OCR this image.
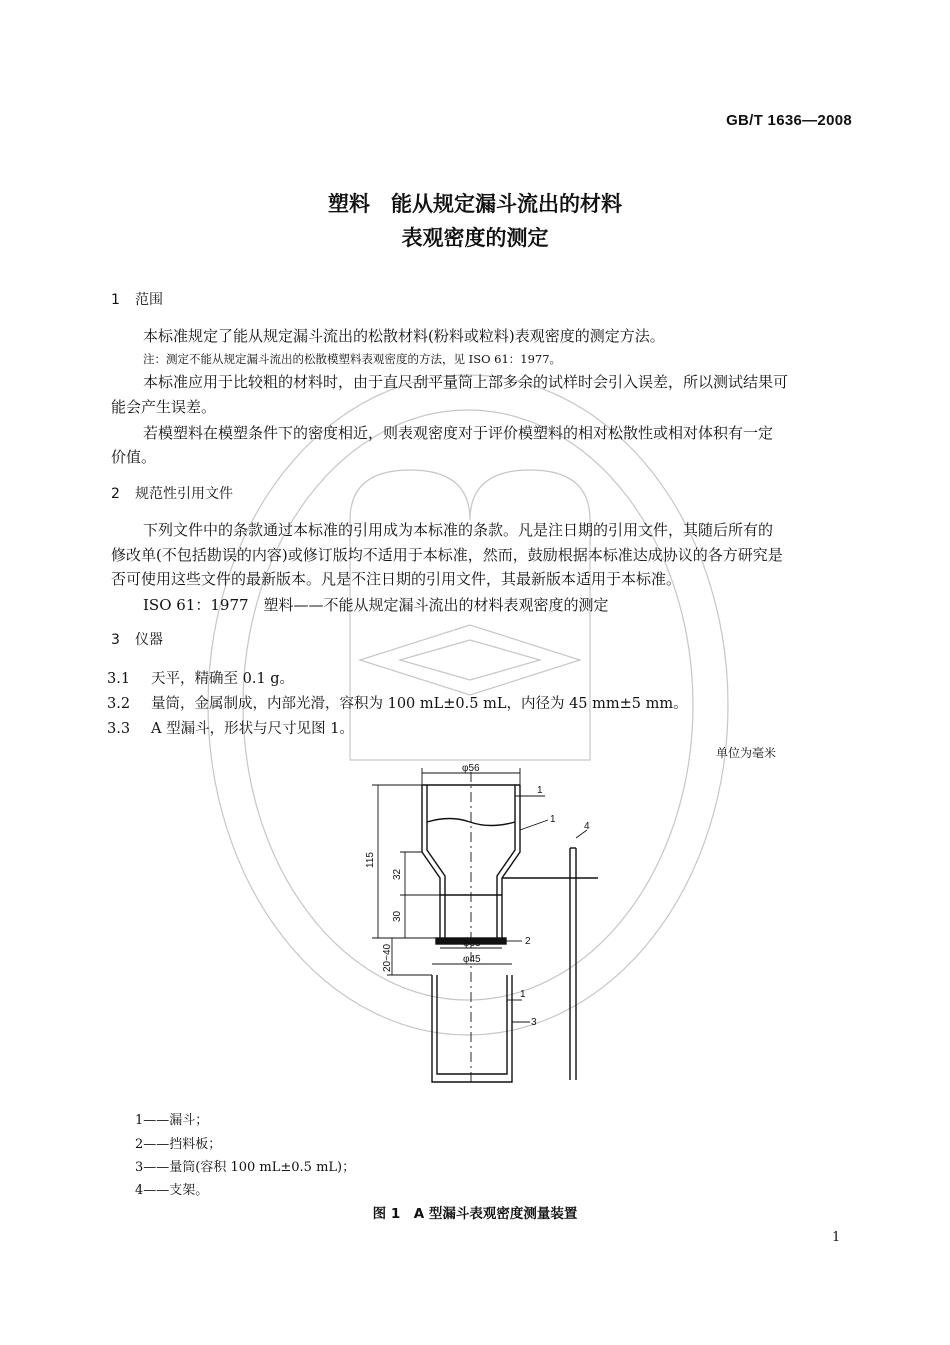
GB/T 1636—2008
塑料　能从规定漏斗流出的材料
表观密度的测定
1 范围
本标准规定了能从规定漏斗流出的松散材料(粉料或粒料)表观密度的测定方法。
注：测定不能从规定漏斗流出的松散模塑料表观密度的方法，见 ISO 61：1977。
本标准应用于比较粗的材料时，由于直尺刮平量筒上部多余的试样时会引入误差，所以测试结果可
能会产生误差。
若模塑料在模塑条件下的密度相近，则表观密度对于评价模塑料的相对松散性或相对体积有一定
价值。
2 规范性引用文件
下列文件中的条款通过本标准的引用成为本标准的条款。凡是注日期的引用文件，其随后所有的
修改单(不包括勘误的内容)或修订版均不适用于本标准，然而，鼓励根据本标准达成协议的各方研究是
否可使用这些文件的最新版本。凡是不注日期的引用文件，其最新版本适用于本标准。
ISO 61：1977　塑料——不能从规定漏斗流出的材料表观密度的测定
3 仪器
3.1 天平，精确至 0.1 g。
3.2 量筒，金属制成，内部光滑，容积为 100 mL±0.5 mL，内径为 45 mm±5 mm。
3.3 A 型漏斗，形状与尺寸见图 1。
单位为毫米
φ56
φ33
φ45
1
1
115
32
30
20~40
1
2
3
4
1——漏斗；
2——挡料板；
3——量筒(容积 100 mL±0.5 mL)；
4——支架。
图 1　A 型漏斗表观密度测量装置
1
